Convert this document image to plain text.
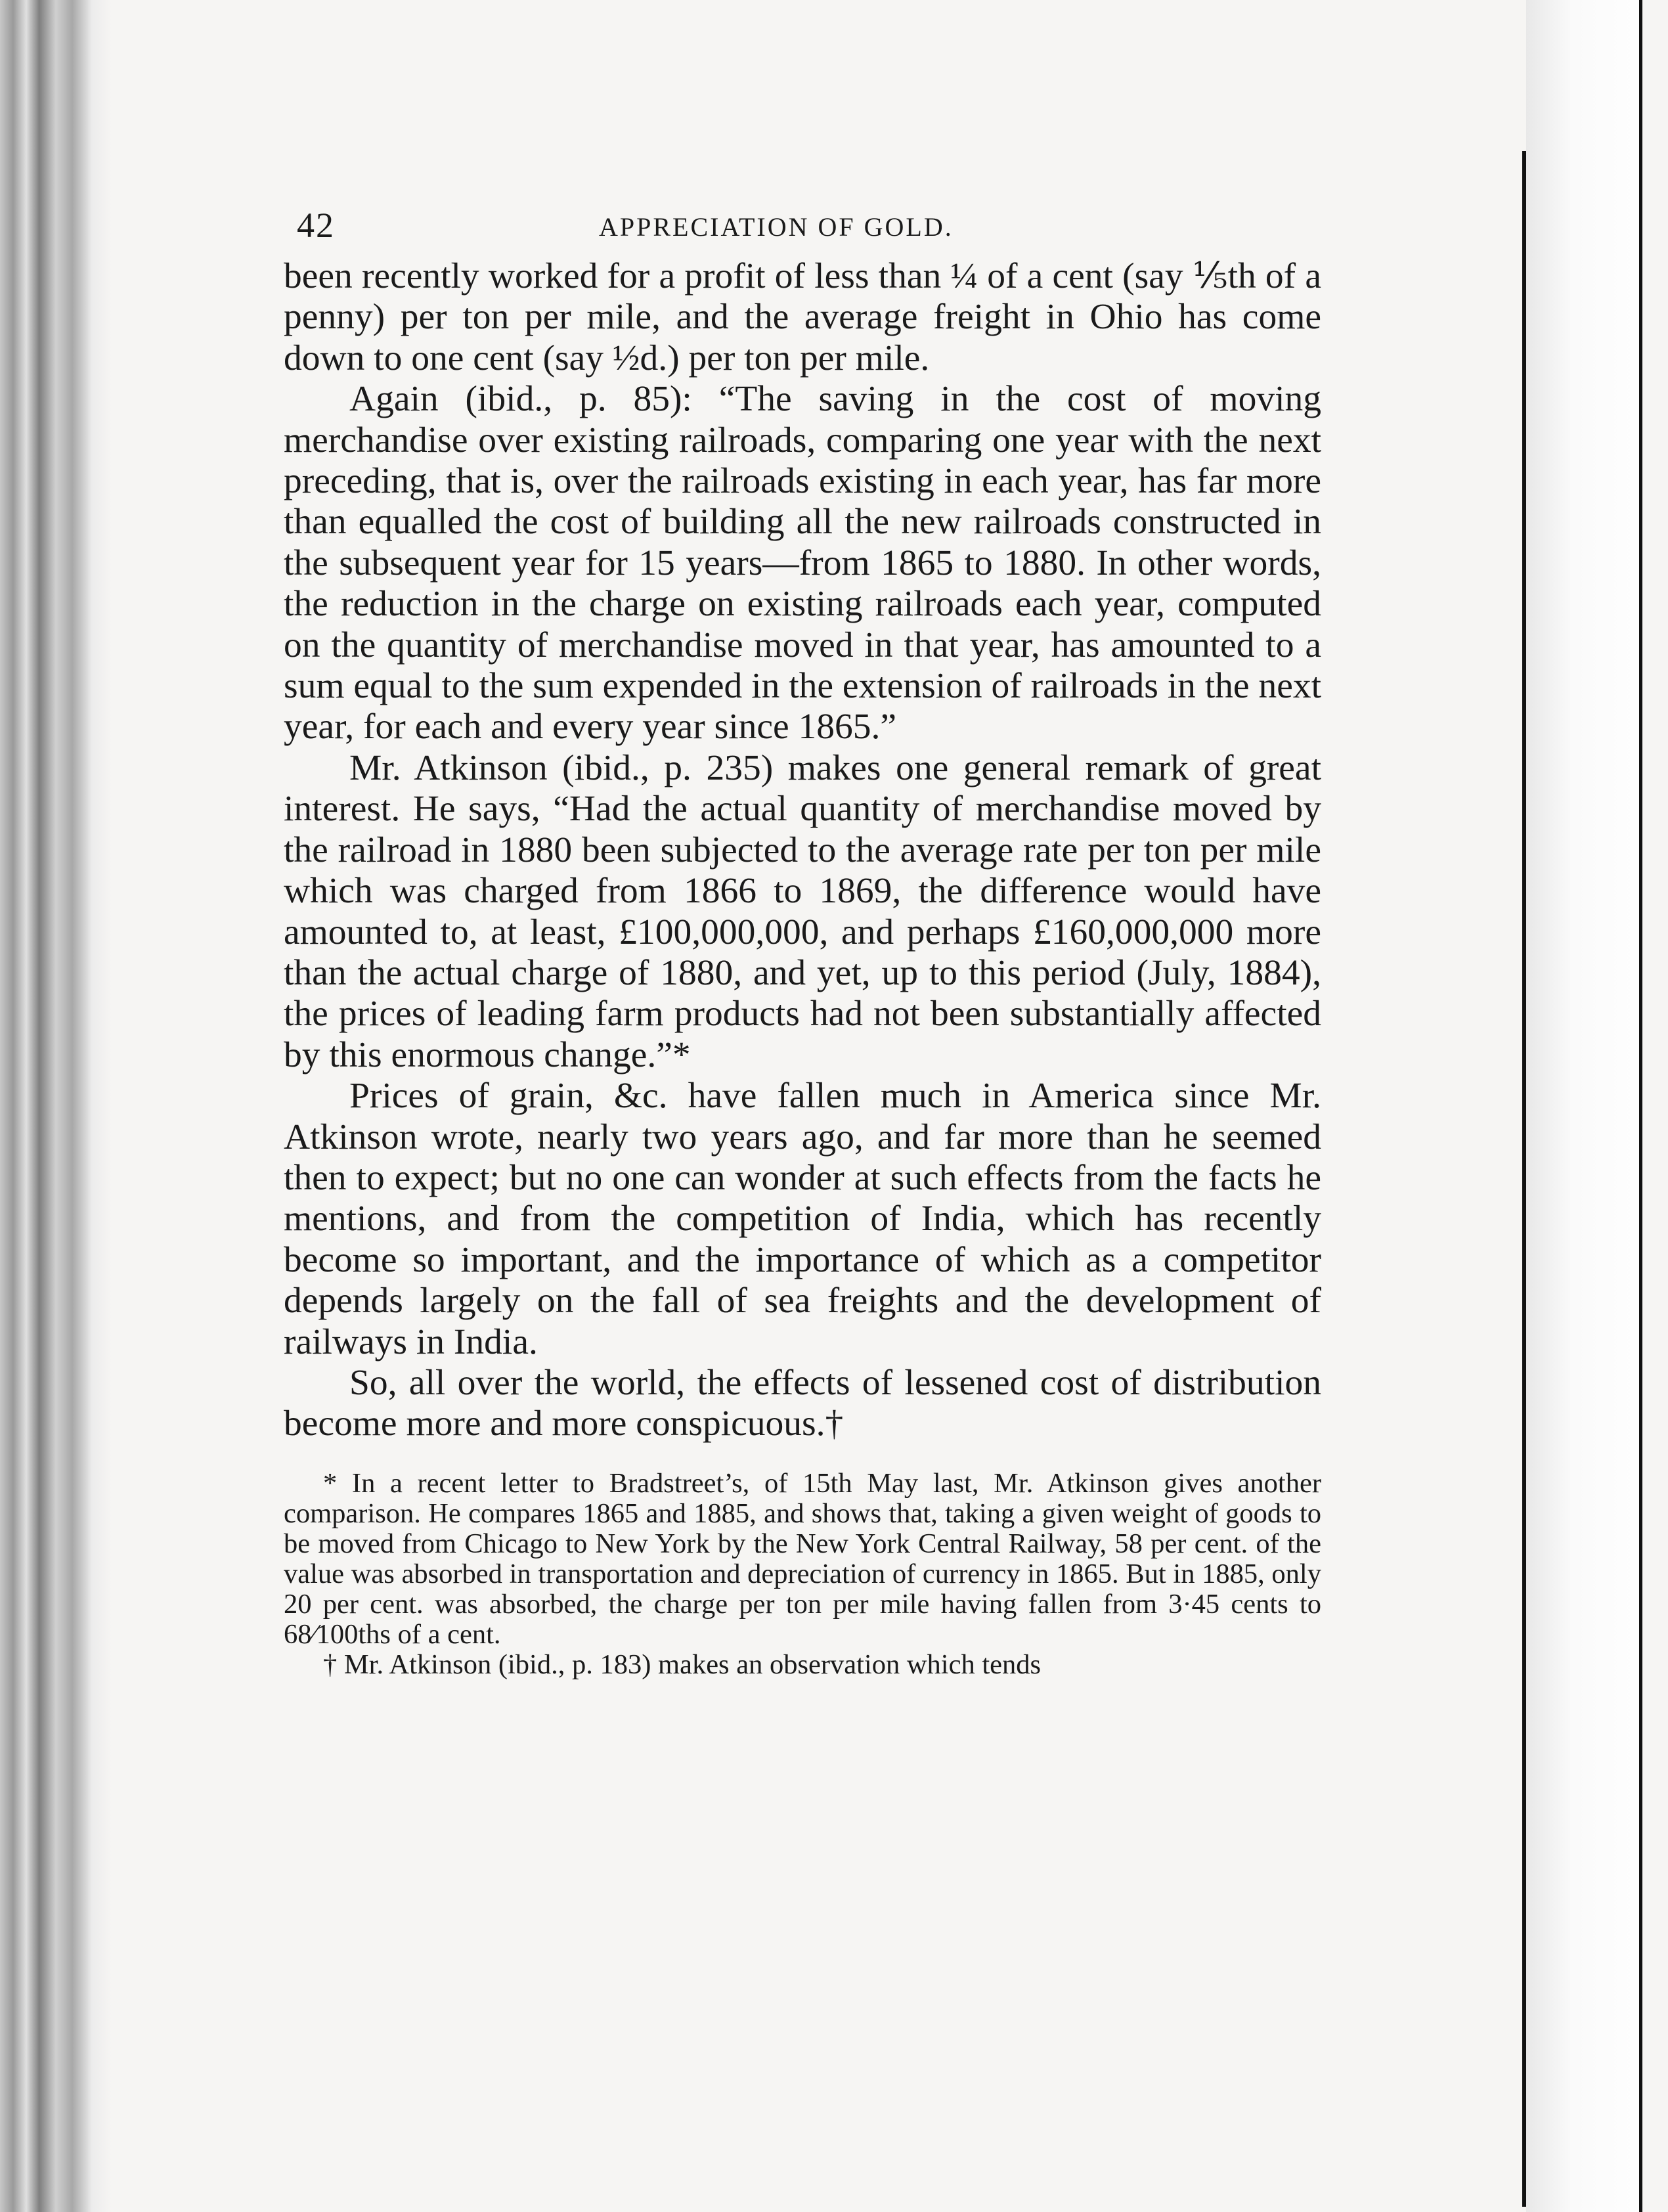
42	APPRECIATION OF GOLD.

been recently worked for a profit of less than ¼ of a cent (say ⅕th of a penny) per ton per mile, and the average freight in Ohio has come down to one cent (say ½d.) per ton per mile.

Again (ibid., p. 85): “The saving in the cost of moving merchandise over existing railroads, comparing one year with the next preceding, that is, over the railroads existing in each year, has far more than equalled the cost of building all the new railroads constructed in the subsequent year for 15 years—from 1865 to 1880. In other words, the reduction in the charge on existing railroads each year, computed on the quantity of merchandise moved in that year, has amounted to a sum equal to the sum expended in the extension of railroads in the next year, for each and every year since 1865.”

Mr. Atkinson (ibid., p. 235) makes one general remark of great interest. He says, “Had the actual quantity of merchandise moved by the railroad in 1880 been subjected to the average rate per ton per mile which was charged from 1866 to 1869, the difference would have amounted to, at least, £100,000,000, and perhaps £160,000,000 more than the actual charge of 1880, and yet, up to this period (July, 1884), the prices of leading farm products had not been substantially affected by this enormous change.”*

Prices of grain, &c. have fallen much in America since Mr. Atkinson wrote, nearly two years ago, and far more than he seemed then to expect; but no one can wonder at such effects from the facts he mentions, and from the competition of India, which has recently become so important, and the importance of which as a competitor depends largely on the fall of sea freights and the development of railways in India.

So, all over the world, the effects of lessened cost of distribution become more and more conspicuous.†

* In a recent letter to Bradstreet’s, of 15th May last, Mr. Atkinson gives another comparison. He compares 1865 and 1885, and shows that, taking a given weight of goods to be moved from Chicago to New York by the New York Central Railway, 58 per cent. of the value was absorbed in transportation and depreciation of currency in 1865. But in 1885, only 20 per cent. was absorbed, the charge per ton per mile having fallen from 3·45 cents to 68⁄100ths of a cent.

† Mr. Atkinson (ibid., p. 183) makes an observation which tends
